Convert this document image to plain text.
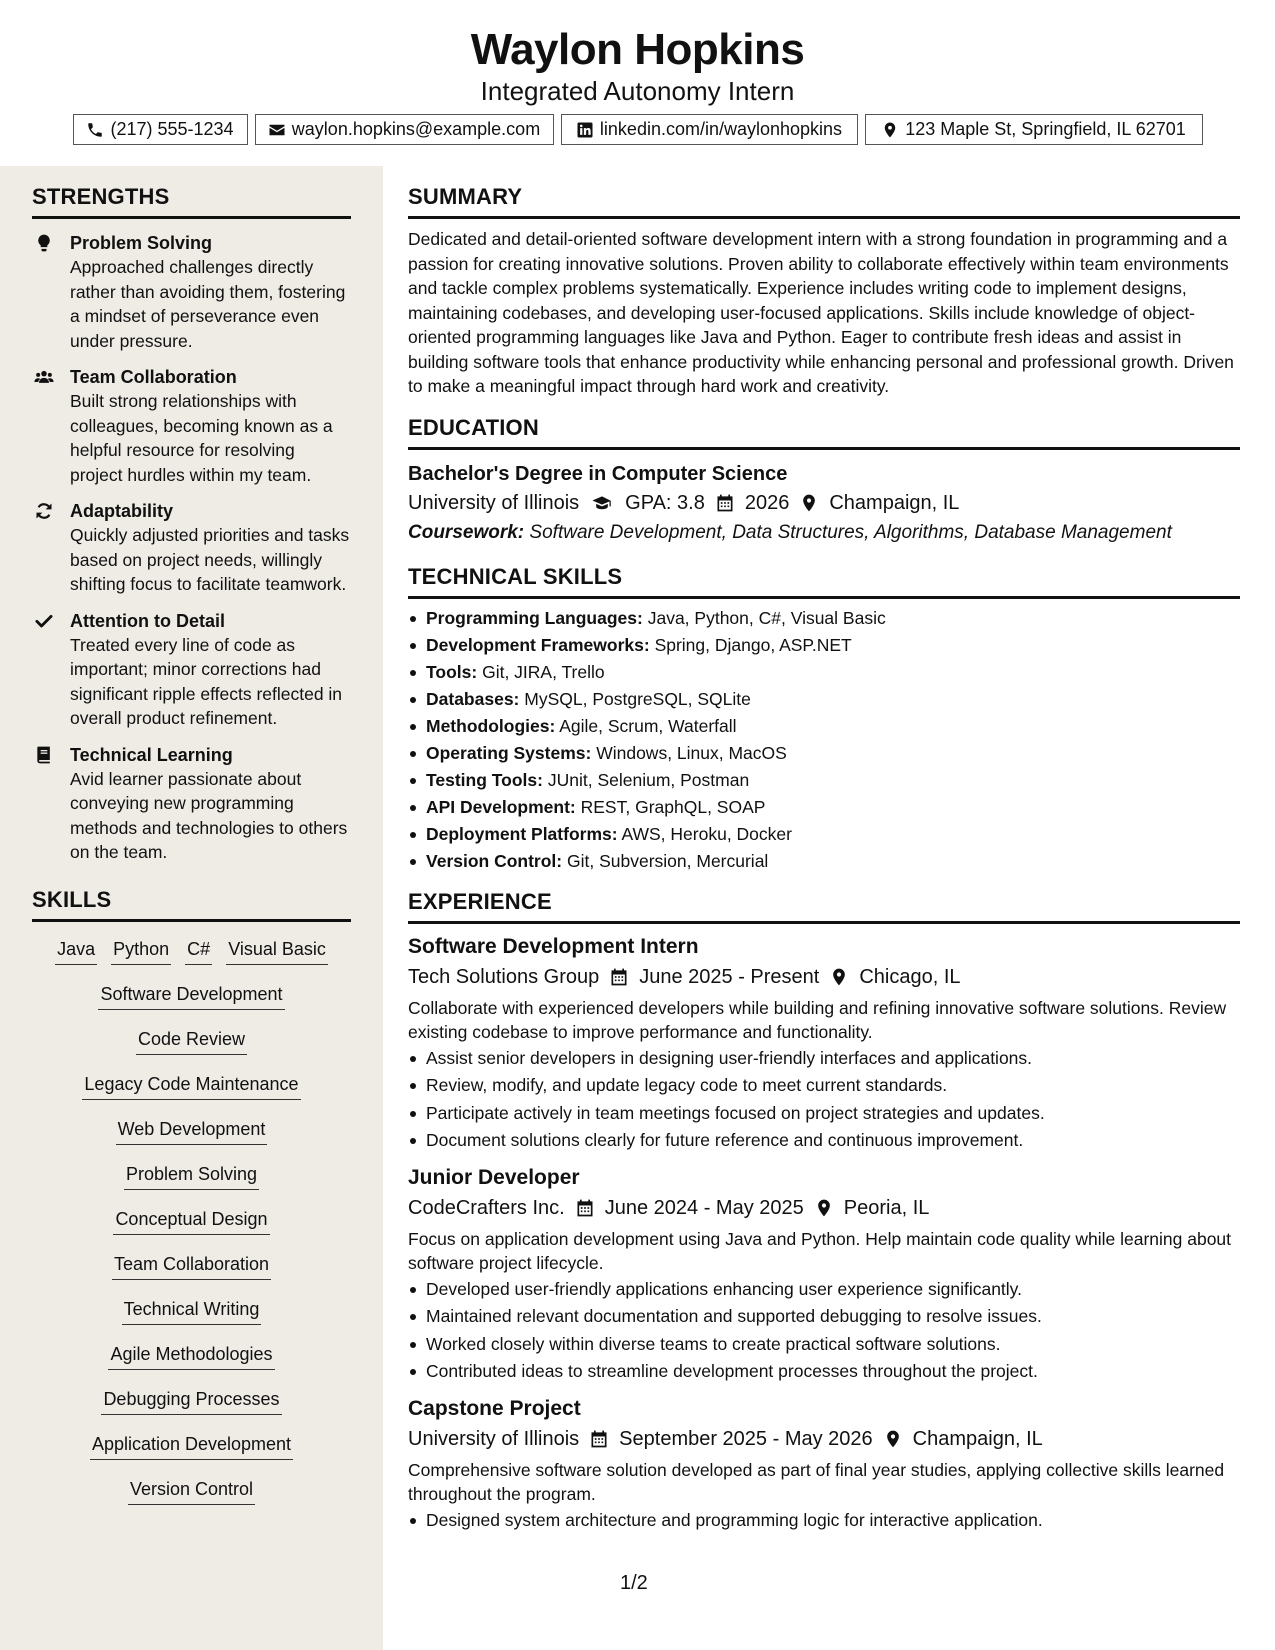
Waylon Hopkins
Integrated Autonomy Intern
(217) 555-1234	waylon.hopkins@example.com	linkedin.com/in/waylonhopkins	123 Maple St, Springfield, IL 62701
STRENGTHS
Problem Solving
Approached challenges directly rather than avoiding them, fostering a mindset of perseverance even under pressure.
Team Collaboration
Built strong relationships with colleagues, becoming known as a helpful resource for resolving project hurdles within my team.
Adaptability
Quickly adjusted priorities and tasks based on project needs, willingly shifting focus to facilitate teamwork.
Attention to Detail
Treated every line of code as important; minor corrections had significant ripple effects reflected in overall product refinement.
Technical Learning
Avid learner passionate about conveying new programming methods and technologies to others on the team.
SKILLS
Java Python C# Visual Basic
Software Development
Code Review
Legacy Code Maintenance
Web Development
Problem Solving
Conceptual Design
Team Collaboration
Technical Writing
Agile Methodologies
Debugging Processes
Application Development
Version Control
SUMMARY
Dedicated and detail-oriented software development intern with a strong foundation in programming and a passion for creating innovative solutions. Proven ability to collaborate effectively within team environments and tackle complex problems systematically. Experience includes writing code to implement designs, maintaining codebases, and developing user-focused applications. Skills include knowledge of object-oriented programming languages like Java and Python. Eager to contribute fresh ideas and assist in building software tools that enhance productivity while enhancing personal and professional growth. Driven to make a meaningful impact through hard work and creativity.
EDUCATION
Bachelor's Degree in Computer Science
University of Illinois GPA: 3.8 2026 Champaign, IL
Coursework: Software Development, Data Structures, Algorithms, Database Management
TECHNICAL SKILLS
Programming Languages: Java, Python, C#, Visual Basic
Development Frameworks: Spring, Django, ASP.NET
Tools: Git, JIRA, Trello
Databases: MySQL, PostgreSQL, SQLite
Methodologies: Agile, Scrum, Waterfall
Operating Systems: Windows, Linux, MacOS
Testing Tools: JUnit, Selenium, Postman
API Development: REST, GraphQL, SOAP
Deployment Platforms: AWS, Heroku, Docker
Version Control: Git, Subversion, Mercurial
EXPERIENCE
Software Development Intern
Tech Solutions Group June 2025 - Present Chicago, IL
Collaborate with experienced developers while building and refining innovative software solutions. Review existing codebase to improve performance and functionality.
Assist senior developers in designing user-friendly interfaces and applications.
Review, modify, and update legacy code to meet current standards.
Participate actively in team meetings focused on project strategies and updates.
Document solutions clearly for future reference and continuous improvement.
Junior Developer
CodeCrafters Inc. June 2024 - May 2025 Peoria, IL
Focus on application development using Java and Python. Help maintain code quality while learning about software project lifecycle.
Developed user-friendly applications enhancing user experience significantly.
Maintained relevant documentation and supported debugging to resolve issues.
Worked closely within diverse teams to create practical software solutions.
Contributed ideas to streamline development processes throughout the project.
Capstone Project
University of Illinois September 2025 - May 2026 Champaign, IL
Comprehensive software solution developed as part of final year studies, applying collective skills learned throughout the program.
Designed system architecture and programming logic for interactive application.
1/2
